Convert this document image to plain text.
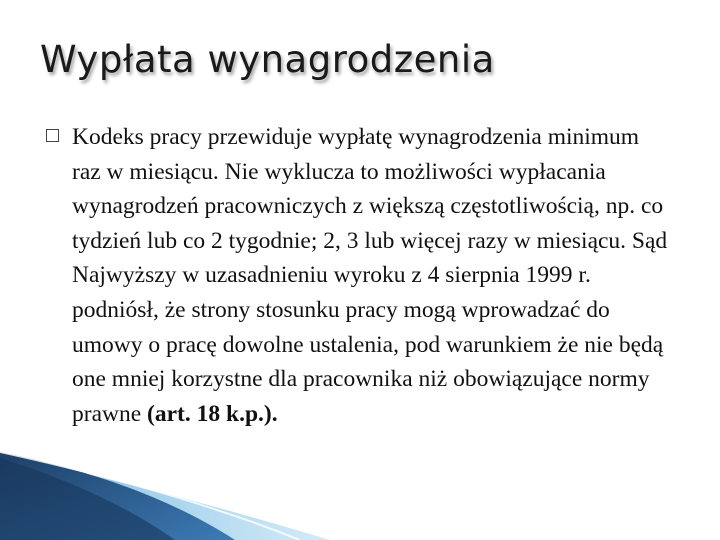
Wypłata wynagrodzenia

Kodeks pracy przewiduje wypłatę wynagrodzenia minimum raz w miesiącu. Nie wyklucza to możliwości wypłacania wynagrodzeń pracowniczych z większą częstotliwością, np. co tydzień lub co 2 tygodnie; 2, 3 lub więcej razy w miesiącu. Sąd Najwyższy w uzasadnieniu wyroku z 4 sierpnia 1999 r. podniósł, że strony stosunku pracy mogą wprowadzać do umowy o pracę dowolne ustalenia, pod warunkiem że nie będą one mniej korzystne dla pracownika niż obowiązujące normy prawne (art. 18 k.p.).
